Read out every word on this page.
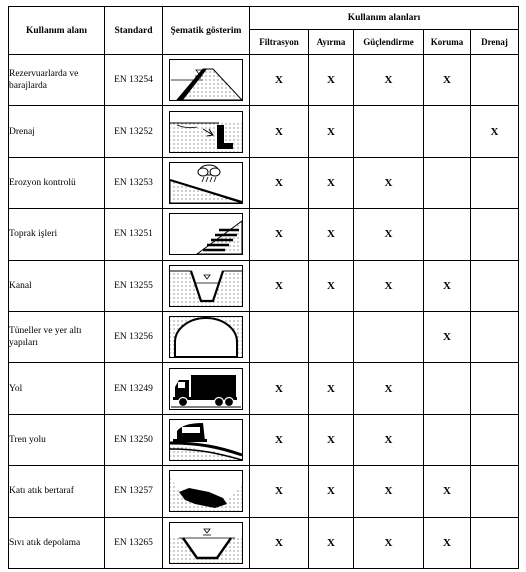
Kullanım alanı	Standard	Şematik gösterim	Kullanım alanları				
			Filtrasyon	Ayırma	Güçlendirme	Koruma	Drenaj
Rezervuarlarda ve barajlarda	EN 13254		X	X	X	X	
Drenaj	EN 13252		X	X			X
Erozyon kontrolü	EN 13253		X	X	X		
Toprak işleri	EN 13251		X	X	X		
Kanal	EN 13255		X	X	X	X	
Tüneller ve yer altı yapıları	EN 13256					X	
Yol	EN 13249		X	X	X		
Tren yolu	EN 13250		X	X	X		
Katı atık bertaraf	EN 13257		X	X	X	X	
Sıvı atık depolama	EN 13265		X	X	X	X	
